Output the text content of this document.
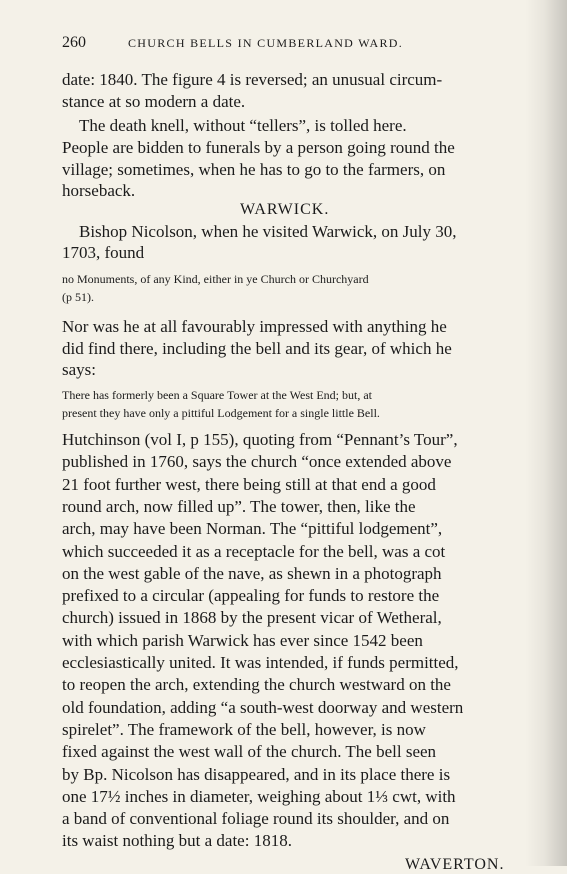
260	CHURCH BELLS IN CUMBERLAND WARD.
date: 1840. The figure 4 is reversed; an unusual circum-
stance at so modern a date.
The death knell, without “tellers”, is tolled here.
People are bidden to funerals by a person going round the
village; sometimes, when he has to go to the farmers, on
horseback.
WARWICK.
Bishop Nicolson, when he visited Warwick, on July 30,
1703, found
no Monuments, of any Kind, either in ye Church or Churchyard
(p 51).
Nor was he at all favourably impressed with anything he
did find there, including the bell and its gear, of which he
says:
There has formerly been a Square Tower at the West End; but, at
present they have only a pittiful Lodgement for a single little Bell.
Hutchinson (vol I, p 155), quoting from “Pennant’s Tour”,
published in 1760, says the church “once extended above
21 foot further west, there being still at that end a good
round arch, now filled up”. The tower, then, like the
arch, may have been Norman. The “pittiful lodgement”,
which succeeded it as a receptacle for the bell, was a cot
on the west gable of the nave, as shewn in a photograph
prefixed to a circular (appealing for funds to restore the
church) issued in 1868 by the present vicar of Wetheral,
with which parish Warwick has ever since 1542 been
ecclesiastically united. It was intended, if funds permitted,
to reopen the arch, extending the church westward on the
old foundation, adding “a south-west doorway and western
spirelet”. The framework of the bell, however, is now
fixed against the west wall of the church. The bell seen
by Bp. Nicolson has disappeared, and in its place there is
one 17½ inches in diameter, weighing about 1⅓ cwt, with
a band of conventional foliage round its shoulder, and on
its waist nothing but a date: 1818.
WAVERTON.
